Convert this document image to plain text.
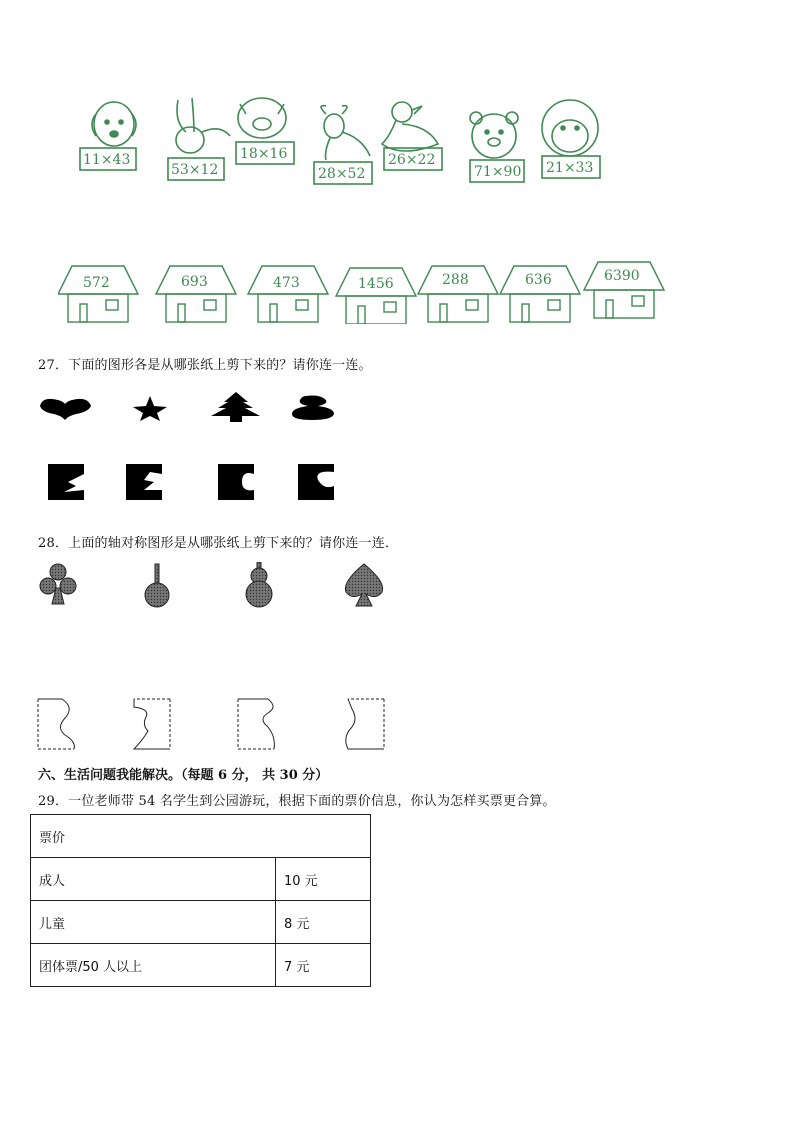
11×43
53×12
18×16
28×52
26×22
71×90 21×33
572	693	473	1456	288	636	6390
27．下面的图形各是从哪张纸上剪下来的？请你连一连。
28．上面的轴对称图形是从哪张纸上剪下来的？请你连一连．
六、生活问题我能解决。（每题 6 分， 共 30 分）
29．一位老师带 54 名学生到公园游玩，根据下面的票价信息，你认为怎样买票更合算。
票价	
成人	10 元
儿童	8 元
团体票/50 人以上	7 元
